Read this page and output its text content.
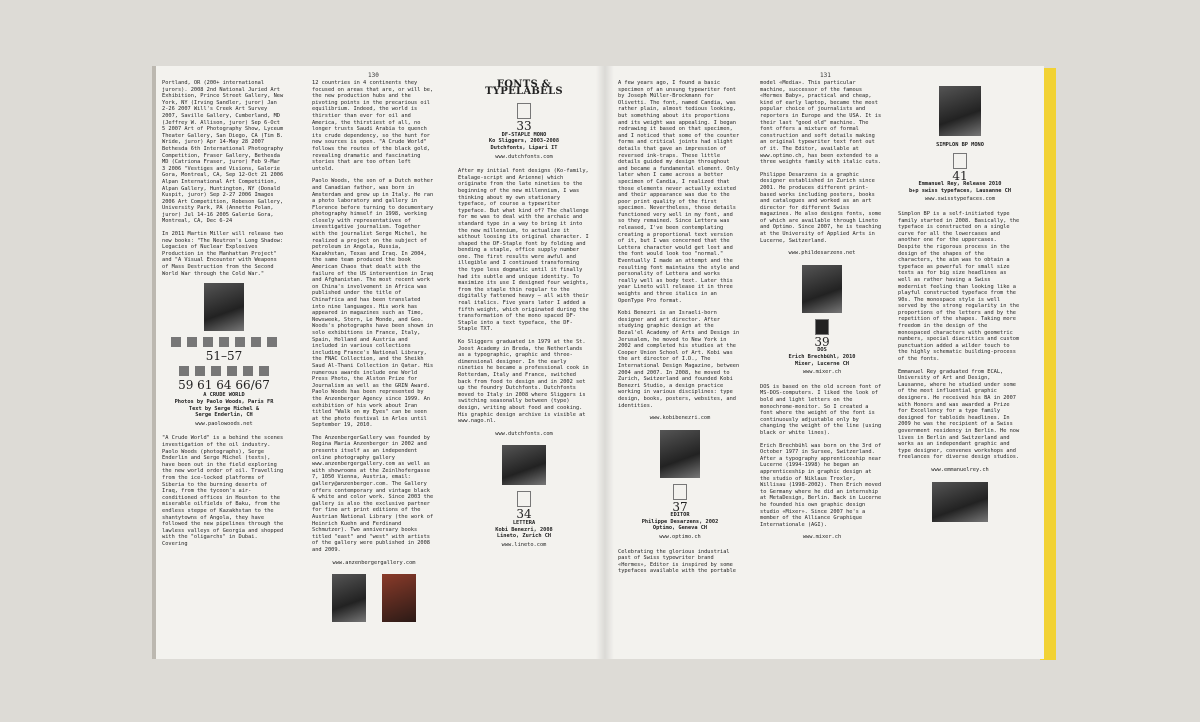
130

Portland, OR (200+ international jurors). 2008 2nd National Juried Art Exhibition, Prince Street Gallery, New York, NY (Irving Sandler, juror) Jan 2-26 2007 Will's Creek Art Survey 2007, Saville Gallery, Cumberland, MD (Jeffrey W. Allison, juror) Sep 6-Oct 5 2007 Art of Photography Show, Lyceum Theater Gallery, San Diego, CA (Tim B. Wride, juror) Apr 14-May 28 2007 Bethesda 6th International Photography Competition, Fraser Gallery, Bethesda MD (Catriona Fraser, juror) Feb 9-Mar 3 2006 "Vestiges and Visions, Galerie Gora, Montreal, CA, Sep 12-Oct 21 2006 Alpan International Art Competition, Alpan Gallery, Huntington, NY (Donald Kuspit, juror) Sep 2-27 2006 Images 2006 Art Competition, Robeson Gallery, University Park, PA (Annette Polan, juror) Jul 14-16 2005 Galerie Gora, Montreal, CA, Dec 6-24

In 2011 Martin Miller will release two new books: "The Neutron's Long Shadow: Legacies of Nuclear Explosives Production in the Manhattan Project" and "A Visual Encounter with Weapons of Mass Destruction from the Second World War through the Cold War."

51–57
59 61 64 66/67
A CRUDE WORLD
Photos by Paolo Woods, Paris FR
Text by Serge Michel &
Serge Enderlin, CH
www.paolowoods.net

"A Crude World" is a behind the scenes investigation of the oil industry. Paolo Woods (photographs), Serge Enderlin and Serge Michel (texts), have been out in the field exploring the new world order of oil. Travelling from the ice-locked platforms of Siberia to the burning deserts of Iraq, from the tycoon's air-conditioned offices in Houston to the miserable oilfields of Baku, from the endless steppe of Kazakhstan to the shantytowns of Angola, they have followed the new pipelines through the lawless valleys of Georgia and shopped with the "oligarchs" in Dubai. Covering

12 countries in 4 continents they focused on areas that are, or will be, the new production hubs and the pivoting points in the precarious oil equilibrium. Indeed, the world is thirstier than ever for oil and America, the thirstiest of all, no longer trusts Saudi Arabia to quench its crude dependency, so the hunt for new sources is open. "A Crude World" follows the routes of the black gold, revealing dramatic and fascinating stories that are too often left untold.

Paolo Woods, the son of a Dutch mother and Canadian father, was born in Amsterdam and grew up in Italy. He ran a photo laboratory and gallery in Florence before turning to documentary photography himself in 1998, working closely with representatives of investigative journalism. Together with the journalist Serge Michel, he realized a project on the subject of petroleum in Angola, Russia, Kazakhstan, Texas and Iraq. In 2004, the same team produced the book American Chaos that dealt with the failure of the US intervention in Iraq and Afghanistan. The most recent work on China's involvement in Africa was published under the title of Chinafrica and has been translated into nine languages. His work has appeared in magazines such as Time, Newsweek, Stern, Le Monde, and Geo. Woods's photographs have been shown in solo exhibitions in France, Italy, Spain, Holland and Austria and included in various collections including France's National Library, the FNAC Collection, and the Sheikh Saud Al-Thani Collection in Qatar. His numerous awards include one World Press Photo, the Alston Prize for Journalism as well as the GRIN Award. Paolo Woods has been represented by the Anzenberger Agency since 1999. An exhibition of his work about Iran titled "Walk on my Eyes" can be seen at the photo festival in Arles until September 19, 2010.

The AnzenbergerGallery was founded by Regina Maria Anzenberger in 2002 and presents itself as an independent online photography gallery www.anzenbergergallery.com as well as with showrooms at the Zeinlhofergasse 7, 1050 Vienna, Austria, email: gallery@anzenberger.com. The Gallery offers contemporary and vintage black & white and color work. Since 2003 the gallery is also the exclusive partner for fine art print editions of the Austrian National Library (the work of Heinrich Kuehn and Ferdinand Schmutzer). Two anniversary books titled "east" and "west" with artists of the gallery were published in 2008 and 2009.

www.anzenbergergallery.com
FONTS & TYPELABELS
33
DF-STAPLE MONO
Ko Sliggers, 2003-2008
Dutchfonts, Lipari IT
www.dutchfonts.com

After my initial font designs (Ko-family, Etalage-script and Arienne) which originate from the late nineties to the beginning of the new millennium, I was thinking about my own stationary typeface, of course a typewriter typeface. But what kind of? The challenge for me was to deal with the archaic and standard type in a way to bring it into the new millennium, to actualize it without loosing its original character. I shaped the DF-Staple font by folding and bending a staple, office supply number one. The first results were awful and illegible and I continued transforming the type less dogmatic until it finally had its subtle and unique identity. To maximize its use I designed four weights, from the staple thin regular to the digitally fattened heavy – all with their real italics. Five years later I added a fifth weight, which originated during the transformation of the mono spaced DF-Staple into a text typeface, the DF-Staple TXT.

Ko Sliggers graduated in 1979 at the St. Joost Academy in Breda, the Netherlands as a typographic, graphic and three-dimensional designer. In the early nineties he became a professional cook in Rotterdam, Italy and France, switched back from food to design and in 2002 set up the foundry Dutchfonts. Dutchfonts moved to Italy in 2008 where Sliggers is switching seasonally between (type) design, writing about food and cooking. His graphic design archive is visible at www.nago.nl.

www.dutchfonts.com
34
LETTERA
Kobi Benezri, 2008
Lineto, Zurich CH
www.lineto.com
131

A few years ago, I found a basic specimen of an unsung typewriter font by Joseph Müller-Brockmann for Olivetti. The font, named Candia, was rather plain, almost tedious looking, but something about its proportions and its weight was appealing. I began redrawing it based on that specimen, and I noticed that some of the counter forms and critical joints had slight details that gave an impression of reversed ink-traps. These little details guided my design throughout and became a fundamental element. Only later when I came across a better specimen of Candia, I realized that those elements never actually existed and their appearance was due to the poor print quality of the first specimen. Nevertheless, those details functioned very well in my font, and so they remained. Since Lettera was released, I've been contemplating creating a proportional text version of it, but I was concerned that the Lettera character would get lost and the font would look too "normal." Eventually I made an attempt and the resulting font maintains the style and personality of Lettera and works really well as body text. Later this year Lineto will release it in three weights and three italics in an OpenType Pro format.

Kobi Benezri is an Israeli-born designer and art director. After studying graphic design at the Bezal'el Academy of Arts and Design in Jerusalem, he moved to New York in 2002 and completed his studies at the Cooper Union School of Art. Kobi was the art director of I.D., The International Design Magazine, between 2004 and 2007. In 2008, he moved to Zurich, Switzerland and founded Kobi Benezri Studio, a design practice working in various disciplines: type design, books, posters, websites, and identities.

www.kobibenezri.com
37
EDITOR
Philippe Desarzens, 2002
Optimo, Geneva CH
www.optimo.ch

Celebrating the glorious industrial past of Swiss typewriter brand «Hermes», Editor is inspired by some typefaces available with the portable

model «Media». This particular machine, successor of the famous «Hermes Baby», practical and cheap, kind of early laptop, became the most popular choice of journalists and reporters in Europe and the USA. It is their last "good old" machine. The font offers a mixture of formal construction and soft details making an original typewriter text font out of it. The Editor, available at www.optimo.ch, has been extended to a three weights family with italic cuts.

Philippe Desarzens is a graphic designer established in Zurich since 2001. He produces different print-based works including posters, books and catalogues and worked as an art director for different Swiss magazines. He also designs fonts, some of which are available through Lineto and Optimo. Since 2007, he is teaching at the University of Applied Arts in Lucerne, Switzerland.

www.phildesarzens.net
39
DOS
Erich Brechbühl, 2010
Mixer, Lucerne CH
www.mixer.ch

DOS is based on the old screen font of MS-DOS-computers. I liked the look of bold and light letters on the monochrome-monitor. So I created a font where the weight of the font is continuously adjustable only by changing the weight of the line (using black or white lines).

Erich Brechbühl was born on the 3rd of October 1977 in Sursee, Switzerland. After a typography apprenticeship near Lucerne (1994-1998) he began an apprenticeship in graphic design at the studio of Niklaus Troxler, Willisau (1998-2002). Then Erich moved to Germany where he did an internship at MetaDesign, Berlin. Back in Lucerne he founded his own graphic design studio «Mixer». Since 2007 he's a member of the Alliance Graphique Internationale (AGI).

www.mixer.ch
SIMPLON BP MONO
41
Emmanuel Rey, Release 2010
b+p swiss typefaces, Lausanne CH
www.swisstypefaces.com

Simplon BP is a self-initiated type family started in 2008. Basically, the typeface is constructed on a single curve for all the lowercases and another one for the uppercases. Despite the rigorous process in the design of the shapes of the characters, the aim was to obtain a typeface as powerful for small size texts as for big size headlines as well as rather having a Swiss modernist feeling than looking like a playful constructed typeface from the 90s. The monospace style is well served by the strong regularity in the proportions of the letters and by the repetition of the shapes. Taking more freedom in the design of the monospaced characters with geometric numbers, special diacritics and custom punctuation added a wilder touch to the highly schematic building-process of the fonts.

Emmanuel Rey graduated from ECAL, University of Art and Design, Lausanne, where he studied under some of the most influential graphic designers. He received his BA in 2007 with Honors and was awarded a Prize for Excellency for a type family designed for tabloids headlines. In 2009 he was the recipient of a Swiss government residency in Berlin. He now lives in Berlin and Switzerland and works as an independant graphic and type designer, convenes workshops and freelances for diverse design studios.

www.emmanuelrey.ch
